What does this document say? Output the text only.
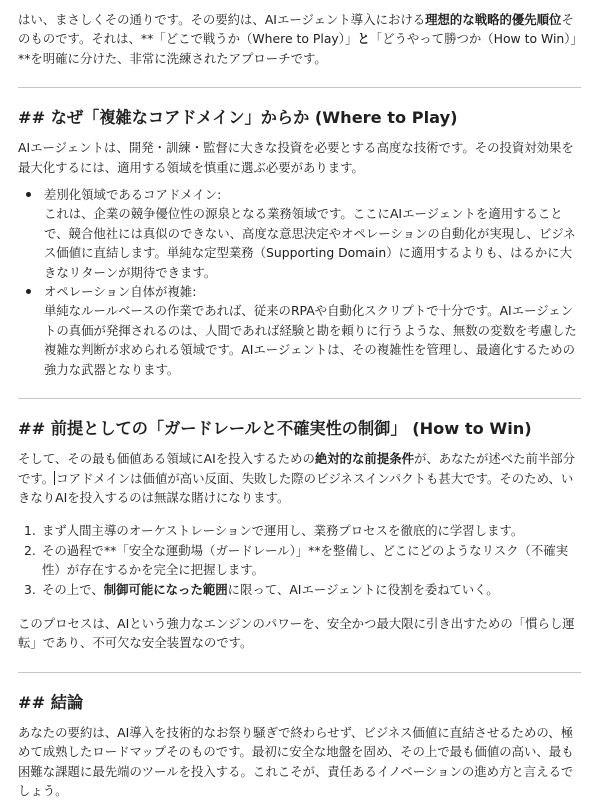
はい、まさしくその通りです。その要約は、AIエージェント導入における理想的な戦略的優先順位そのものです。それは、**「どこで戦うか（Where to Play）」と「どうやって勝つか（How to Win）」**を明確に分けた、非常に洗練されたアプローチです。

## なぜ「複雑なコアドメイン」からか (Where to Play)

AIエージェントは、開発・訓練・監督に大きな投資を必要とする高度な技術です。その投資対効果を最大化するには、適用する領域を慎重に選ぶ必要があります。

差別化領域であるコアドメイン:
これは、企業の競争優位性の源泉となる業務領域です。ここにAIエージェントを適用することで、競合他社には真似のできない、高度な意思決定やオペレーションの自動化が実現し、ビジネス価値に直結します。単純な定型業務（Supporting Domain）に適用するよりも、はるかに大きなリターンが期待できます。
オペレーション自体が複雑:
単純なルールベースの作業であれば、従来のRPAや自動化スクリプトで十分です。AIエージェントの真価が発揮されるのは、人間であれば経験と勘を頼りに行うような、無数の変数を考慮した複雑な判断が求められる領域です。AIエージェントは、その複雑性を管理し、最適化するための強力な武器となります。
## 前提としての「ガードレールと不確実性の制御」 (How to Win)

そして、その最も価値ある領域にAIを投入するための絶対的な前提条件が、あなたが述べた前半部分です。 コアドメインは価値が高い反面、失敗した際のビジネスインパクトも甚大です。そのため、いきなりAIを投入するのは無謀な賭けになります。

1. まず人間主導のオーケストレーションで運用し、業務プロセスを徹底的に学習します。
2. その過程で**「安全な運動場（ガードレール）」**を整備し、どこにどのようなリスク（不確実性）が存在するかを完全に把握します。
3. その上で、制御可能になった範囲に限って、AIエージェントに役割を委ねていく。

このプロセスは、AIという強力なエンジンのパワーを、安全かつ最大限に引き出すための「慣らし運転」であり、不可欠な安全装置なのです。

## 結論

あなたの要約は、AI導入を技術的なお祭り騒ぎで終わらせず、ビジネス価値に直結させるための、極めて成熟したロードマップそのものです。最初に安全な地盤を固め、その上で最も価値の高い、最も困難な課題に最先端のツールを投入する。これこそが、責任あるイノベーションの進め方と言えるでしょう。
